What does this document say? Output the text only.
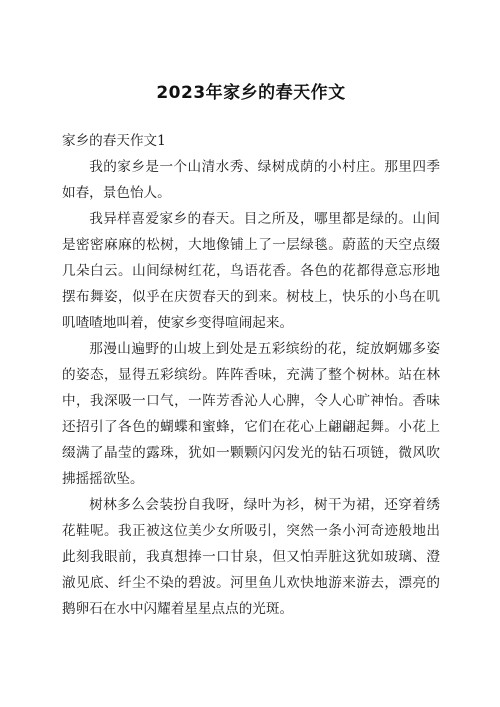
2023年家乡的春天作文

家乡的春天作文1

我的家乡是一个山清水秀、绿树成荫的小村庄。那里四季如春，景色怡人。

我异样喜爱家乡的春天。目之所及，哪里都是绿的。山间是密密麻麻的松树，大地像铺上了一层绿毯。蔚蓝的天空点缀几朵白云。山间绿树红花，鸟语花香。各色的花都得意忘形地摆布舞姿，似乎在庆贺春天的到来。树枝上，快乐的小鸟在叽叽喳喳地叫着，使家乡变得喧闹起来。

那漫山遍野的山坡上到处是五彩缤纷的花，绽放婀娜多姿的姿态，显得五彩缤纷。阵阵香味，充满了整个树林。站在林中，我深吸一口气，一阵芳香沁人心脾，令人心旷神怡。香味还招引了各色的蝴蝶和蜜蜂，它们在花心上翩翩起舞。小花上缀满了晶莹的露珠，犹如一颗颗闪闪发光的钻石项链，微风吹拂摇摇欲坠。

树林多么会装扮自我呀，绿叶为衫，树干为裙，还穿着绣花鞋呢。我正被这位美少女所吸引，突然一条小河奇迹般地出此刻我眼前，我真想捧一口甘泉，但又怕弄脏这犹如玻璃、澄澈见底、纤尘不染的碧波。河里鱼儿欢快地游来游去，漂亮的鹅卵石在水中闪耀着星星点点的光斑。
